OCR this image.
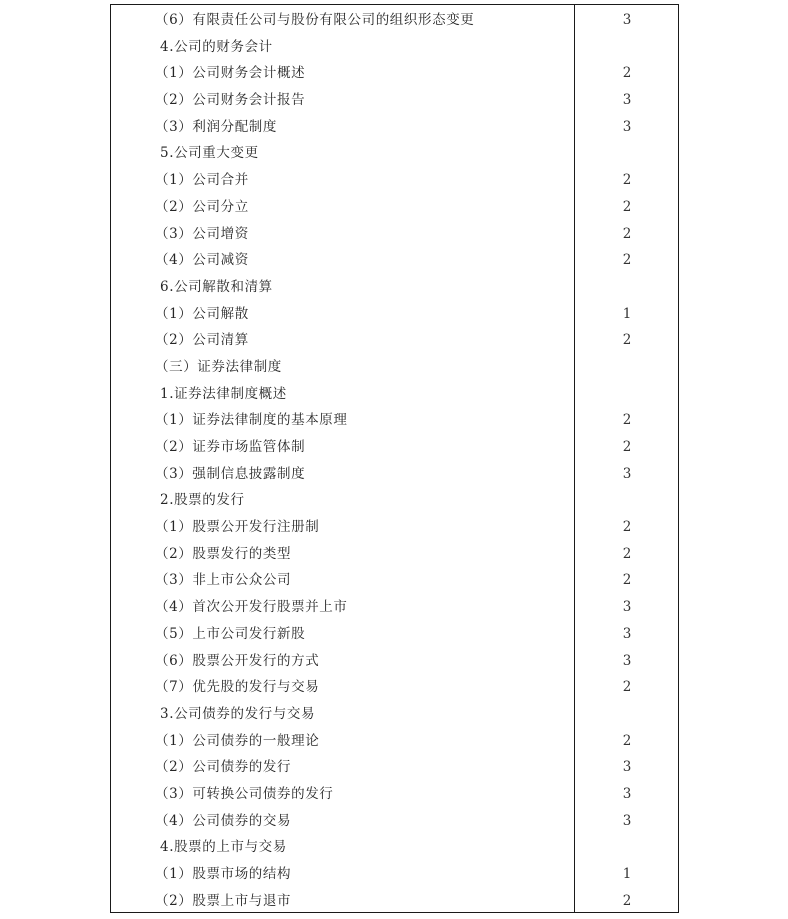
（6）有限责任公司与股份有限公司的组织形态变更	3
4.公司的财务会计
（1）公司财务会计概述	2
（2）公司财务会计报告	3
（3）利润分配制度	3
5.公司重大变更
（1）公司合并	2
（2）公司分立	2
（3）公司增资	2
（4）公司减资	2
6.公司解散和清算
（1）公司解散	1
（2）公司清算	2
（三）证券法律制度
1.证券法律制度概述
（1）证券法律制度的基本原理	2
（2）证券市场监管体制	2
（3）强制信息披露制度	3
2.股票的发行
（1）股票公开发行注册制	2
（2）股票发行的类型	2
（3）非上市公众公司	2
（4）首次公开发行股票并上市	3
（5）上市公司发行新股	3
（6）股票公开发行的方式	3
（7）优先股的发行与交易	2
3.公司债券的发行与交易
（1）公司债券的一般理论	2
（2）公司债券的发行	3
（3）可转换公司债券的发行	3
（4）公司债券的交易	3
4.股票的上市与交易
（1）股票市场的结构	1
（2）股票上市与退市	2
